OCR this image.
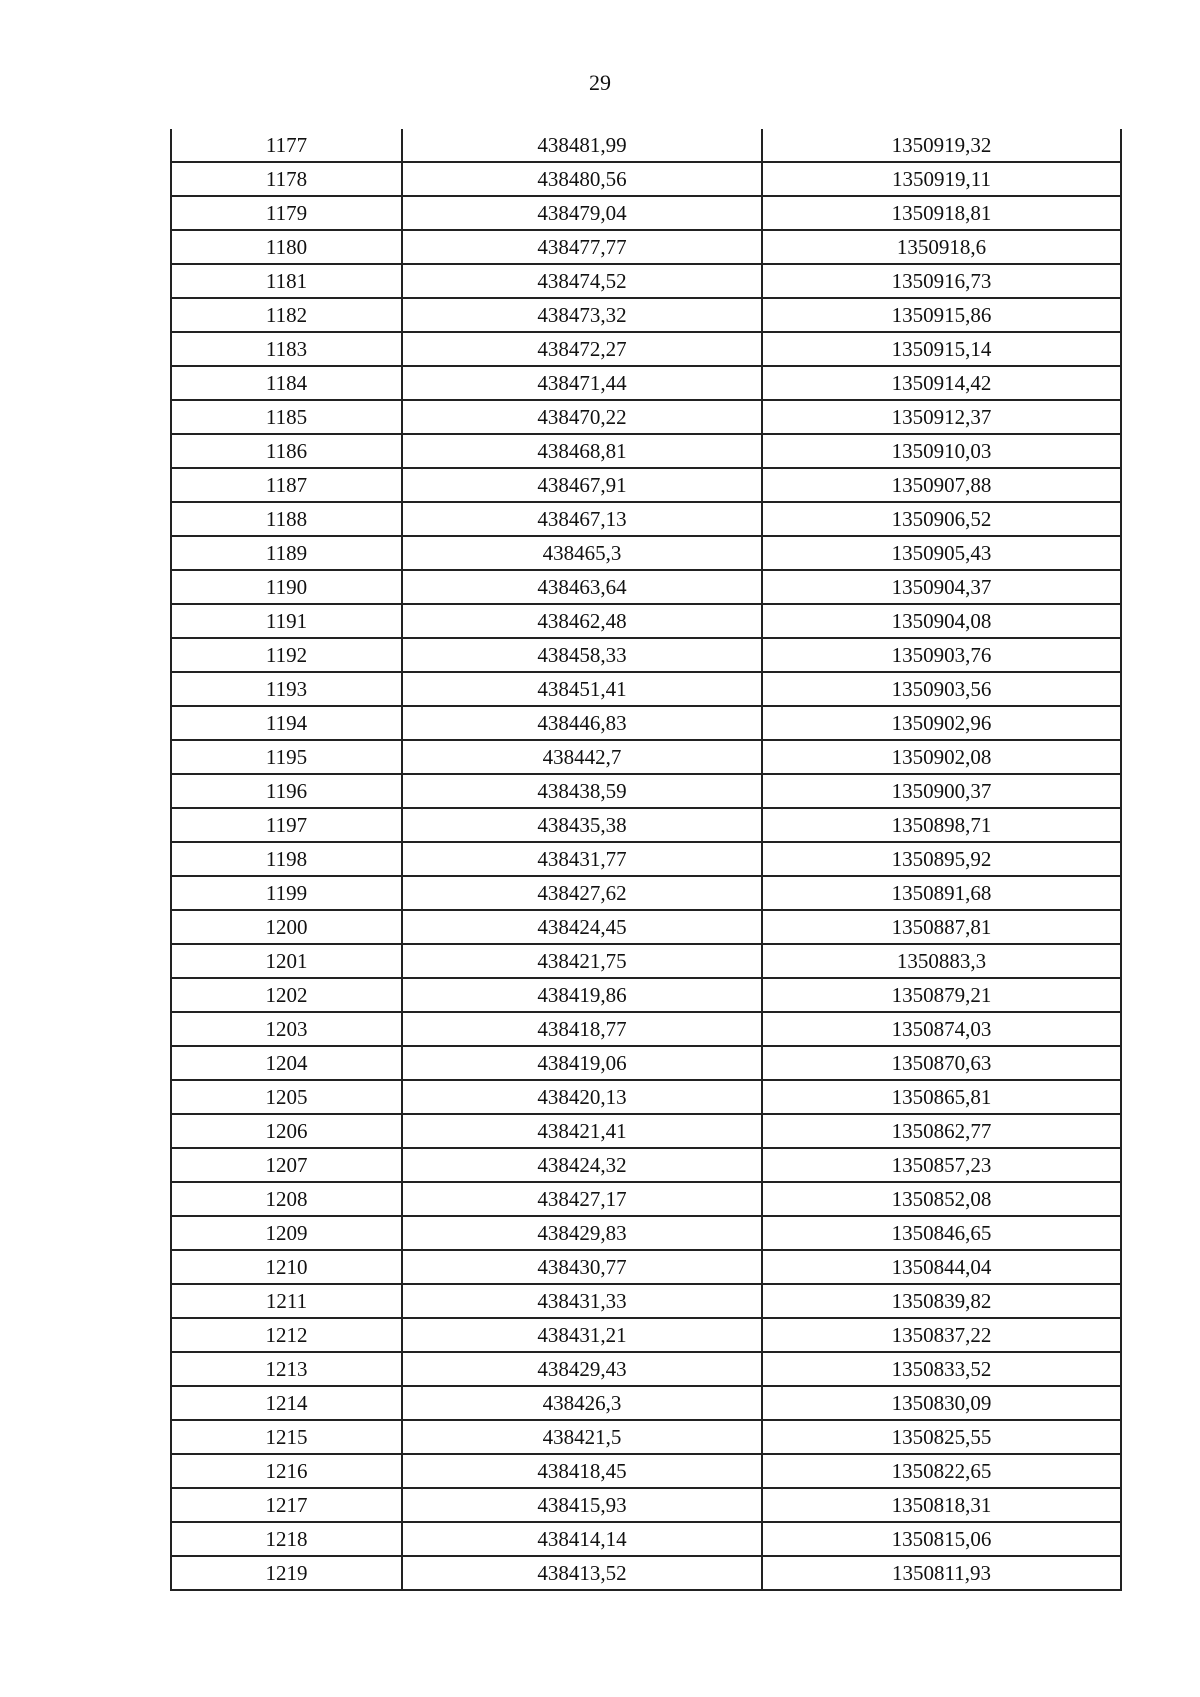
29
1177	438481,99	1350919,32
1178	438480,56	1350919,11
1179	438479,04	1350918,81
1180	438477,77	1350918,6
1181	438474,52	1350916,73
1182	438473,32	1350915,86
1183	438472,27	1350915,14
1184	438471,44	1350914,42
1185	438470,22	1350912,37
1186	438468,81	1350910,03
1187	438467,91	1350907,88
1188	438467,13	1350906,52
1189	438465,3	1350905,43
1190	438463,64	1350904,37
1191	438462,48	1350904,08
1192	438458,33	1350903,76
1193	438451,41	1350903,56
1194	438446,83	1350902,96
1195	438442,7	1350902,08
1196	438438,59	1350900,37
1197	438435,38	1350898,71
1198	438431,77	1350895,92
1199	438427,62	1350891,68
1200	438424,45	1350887,81
1201	438421,75	1350883,3
1202	438419,86	1350879,21
1203	438418,77	1350874,03
1204	438419,06	1350870,63
1205	438420,13	1350865,81
1206	438421,41	1350862,77
1207	438424,32	1350857,23
1208	438427,17	1350852,08
1209	438429,83	1350846,65
1210	438430,77	1350844,04
1211	438431,33	1350839,82
1212	438431,21	1350837,22
1213	438429,43	1350833,52
1214	438426,3	1350830,09
1215	438421,5	1350825,55
1216	438418,45	1350822,65
1217	438415,93	1350818,31
1218	438414,14	1350815,06
1219	438413,52	1350811,93
